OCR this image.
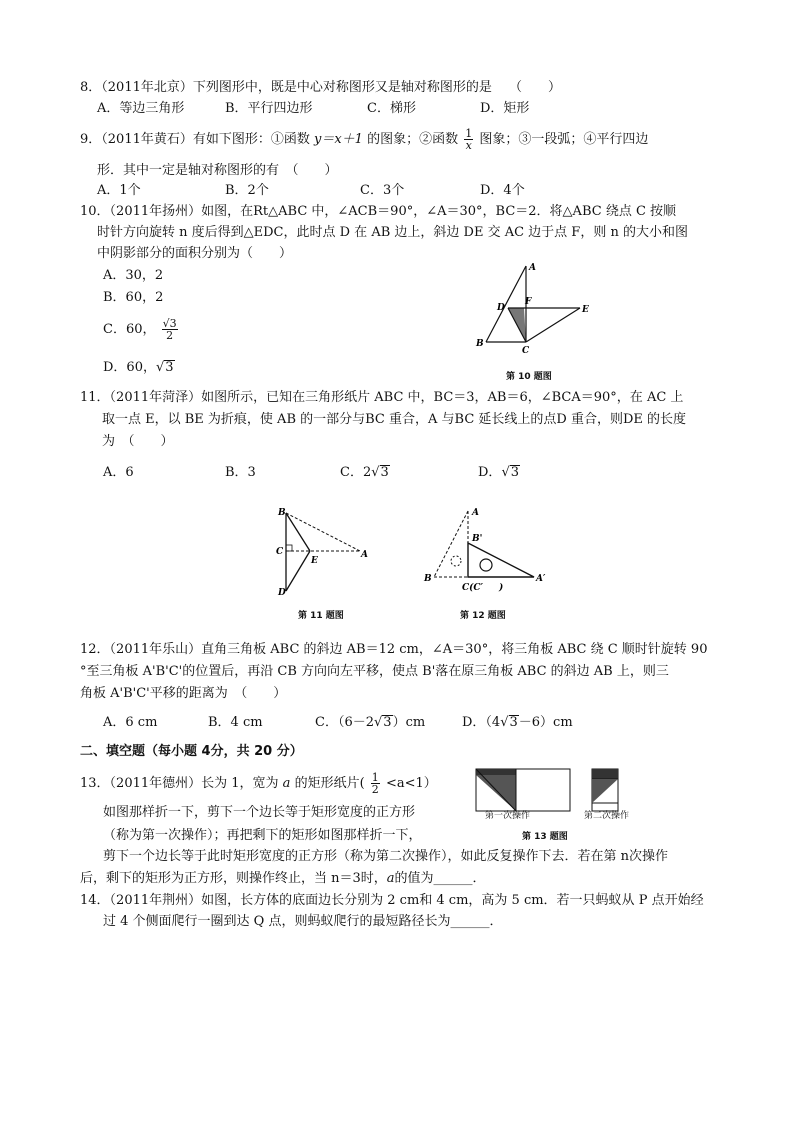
8．（2011年北京）下列图形中，既是中心对称图形又是轴对称图形的是　 （　　）
A．等边三角形	B．平行四边形	C．梯形	D．矩形
9．（2011年黄石）有如下图形：①函数 y＝x＋1 的图象；②函数 $\frac{1}{x}$ 图象；③一段弧；④平行四边
形．其中一定是轴对称图形的有　（　　）
A．1个	B．2个	C．3个	D．4个
10．（2011年扬州）如图，在Rt△ABC 中，∠ACB＝90°，∠A＝30°，BC＝2．将△ABC 绕点 C 按顺
时针方向旋转 n 度后得到△EDC，此时点 D 在 AB 边上，斜边 DE 交 AC 边于点 F，则 n 的大小和图
中阴影部分的面积分别为（　　）
A．30，2
B．60，2
C．60， $\frac{√3}{2}$
D．60，√3
A
B
C
D	E
F
第 10 题图
11．（2011年菏泽）如图所示，已知在三角形纸片 ABC 中，BC＝3，AB＝6，∠BCA＝90°，在 AC 上
取一点 E，以 BE 为折痕，使 AB 的一部分与BC 重合，A 与BC 延长线上的点D 重合，则DE 的长度
为　（　　）
A．6	B．3	C．2√3	D．√3
B
C
D
E
A
第 11 题图
A
B'
B
C(C′ )
A′
第 12 题图
12．（2011年乐山）直角三角板 ABC 的斜边 AB＝12 cm，∠A＝30°，将三角板 ABC 绕 C 顺时针旋转 90
°至三角板 A'B'C'的位置后，再沿 CB 方向向左平移，使点 B'落在原三角板 ABC 的斜边 AB 上，则三
角板 A'B'C'平移的距离为　（　　）
A．6 cm	B．4 cm	C．（6－2√3）cm	D．（4√3－6）cm
二、填空题（每小题 4分，共 20 分）
13．（2011年德州）长为 1，宽为 a 的矩形纸片( $\frac{1}{2} <a<1$）
如图那样折一下，剪下一个边长等于矩形宽度的正方形
（称为第一次操作）；再把剩下的矩形如图那样折一下，
剪下一个边长等于此时矩形宽度的正方形（称为第二次操作），如此反复操作下去．若在第 n次操作
后，剩下的矩形为正方形，则操作终止，当 n＝3时，a的值为______．
第一次操作	第二次操作
第 13 题图
14．（2011年荆州）如图，长方体的底面边长分别为 2 cm和 4 cm，高为 5 cm．若一只蚂蚁从 P 点开始经
过 4 个侧面爬行一圈到达 Q 点，则蚂蚁爬行的最短路径长为______．
